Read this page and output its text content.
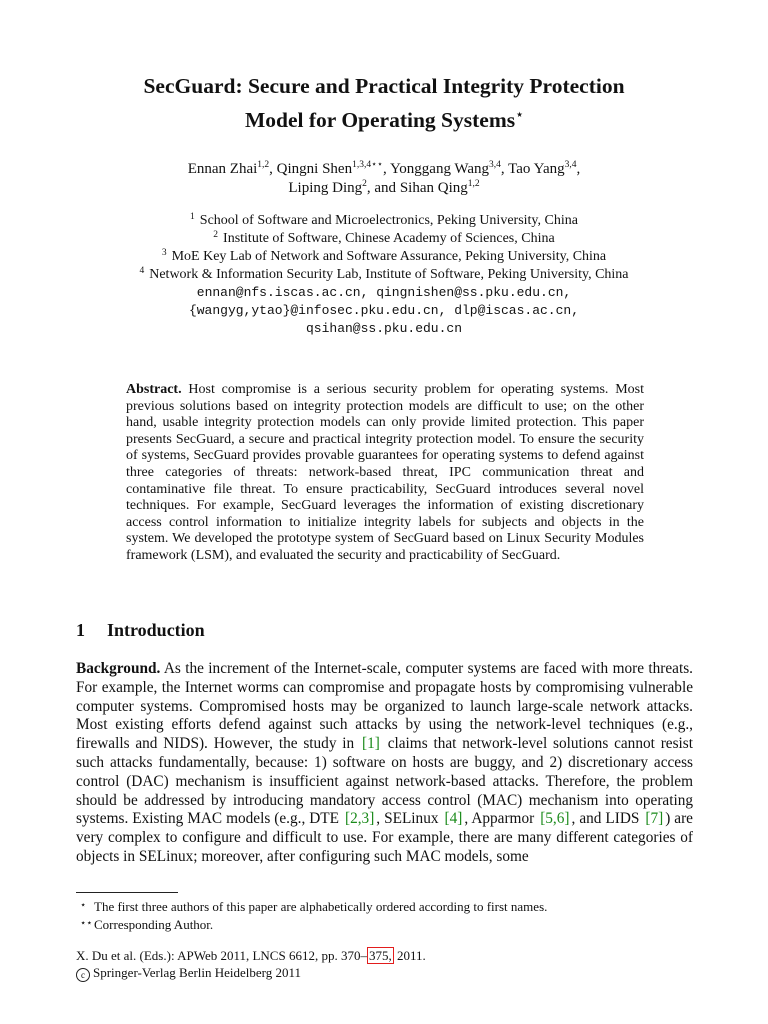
SecGuard: Secure and Practical Integrity Protection
Model for Operating Systems⋆
Ennan Zhai$^{1,2}$, Qingni Shen$^{1,3,4⋆⋆}$, Yonggang Wang$^{3,4}$, Tao Yang$^{3,4}$,
Liping Ding$^2$, and Sihan Qing$^{1,2}$
$^1$ School of Software and Microelectronics, Peking University, China
$^2$ Institute of Software, Chinese Academy of Sciences, China
$^3$ MoE Key Lab of Network and Software Assurance, Peking University, China
$^4$ Network & Information Security Lab, Institute of Software, Peking University, China
ennan@nfs.iscas.ac.cn, qingnishen@ss.pku.edu.cn,
{wangyg,ytao}@infosec.pku.edu.cn, dlp@iscas.ac.cn,
qsihan@ss.pku.edu.cn
Abstract. Host compromise is a serious security problem for operating systems. Most previous solutions based on integrity protection models are difficult to use; on the other hand, usable integrity protection models can only provide limited protection. This paper presents SecGuard, a secure and practical integrity protection model. To ensure the security of systems, SecGuard provides provable guarantees for operating systems to defend against three categories of threats: network-based threat, IPC communication threat and contaminative file threat. To ensure practicability, SecGuard introduces several novel techniques. For example, SecGuard leverages the information of existing discretionary access control information to initialize integrity labels for subjects and objects in the system. We developed the prototype system of SecGuard based on Linux Security Modules framework (LSM), and evaluated the security and practicability of SecGuard.
1 Introduction
Background. As the increment of the Internet-scale, computer systems are faced with more threats. For example, the Internet worms can compromise and propagate hosts by compromising vulnerable computer systems. Compromised hosts may be organized to launch large-scale network attacks. Most existing efforts defend against such attacks by using the network-level techniques (e.g., firewalls and NIDS). However, the study in [1] claims that network-level solutions cannot resist such attacks fundamentally, because: 1) software on hosts are buggy, and 2) discretionary access control (DAC) mechanism is insufficient against network-based attacks. Therefore, the problem should be addressed by introducing mandatory access control (MAC) mechanism into operating systems. Existing MAC models (e.g., DTE [2,3] , SELinux [4] , Apparmor [5,6] , and LIDS [7] ) are very complex to configure and difficult to use. For example, there are many different categories of objects in SELinux; moreover, after configuring such MAC models, some
⋆ The first three authors of this paper are alphabetically ordered according to first names.
⋆⋆Corresponding Author.
X. Du et al. (Eds.): APWeb 2011, LNCS 6612, pp. 370– 375, 2011.
c Springer-Verlag Berlin Heidelberg 2011
